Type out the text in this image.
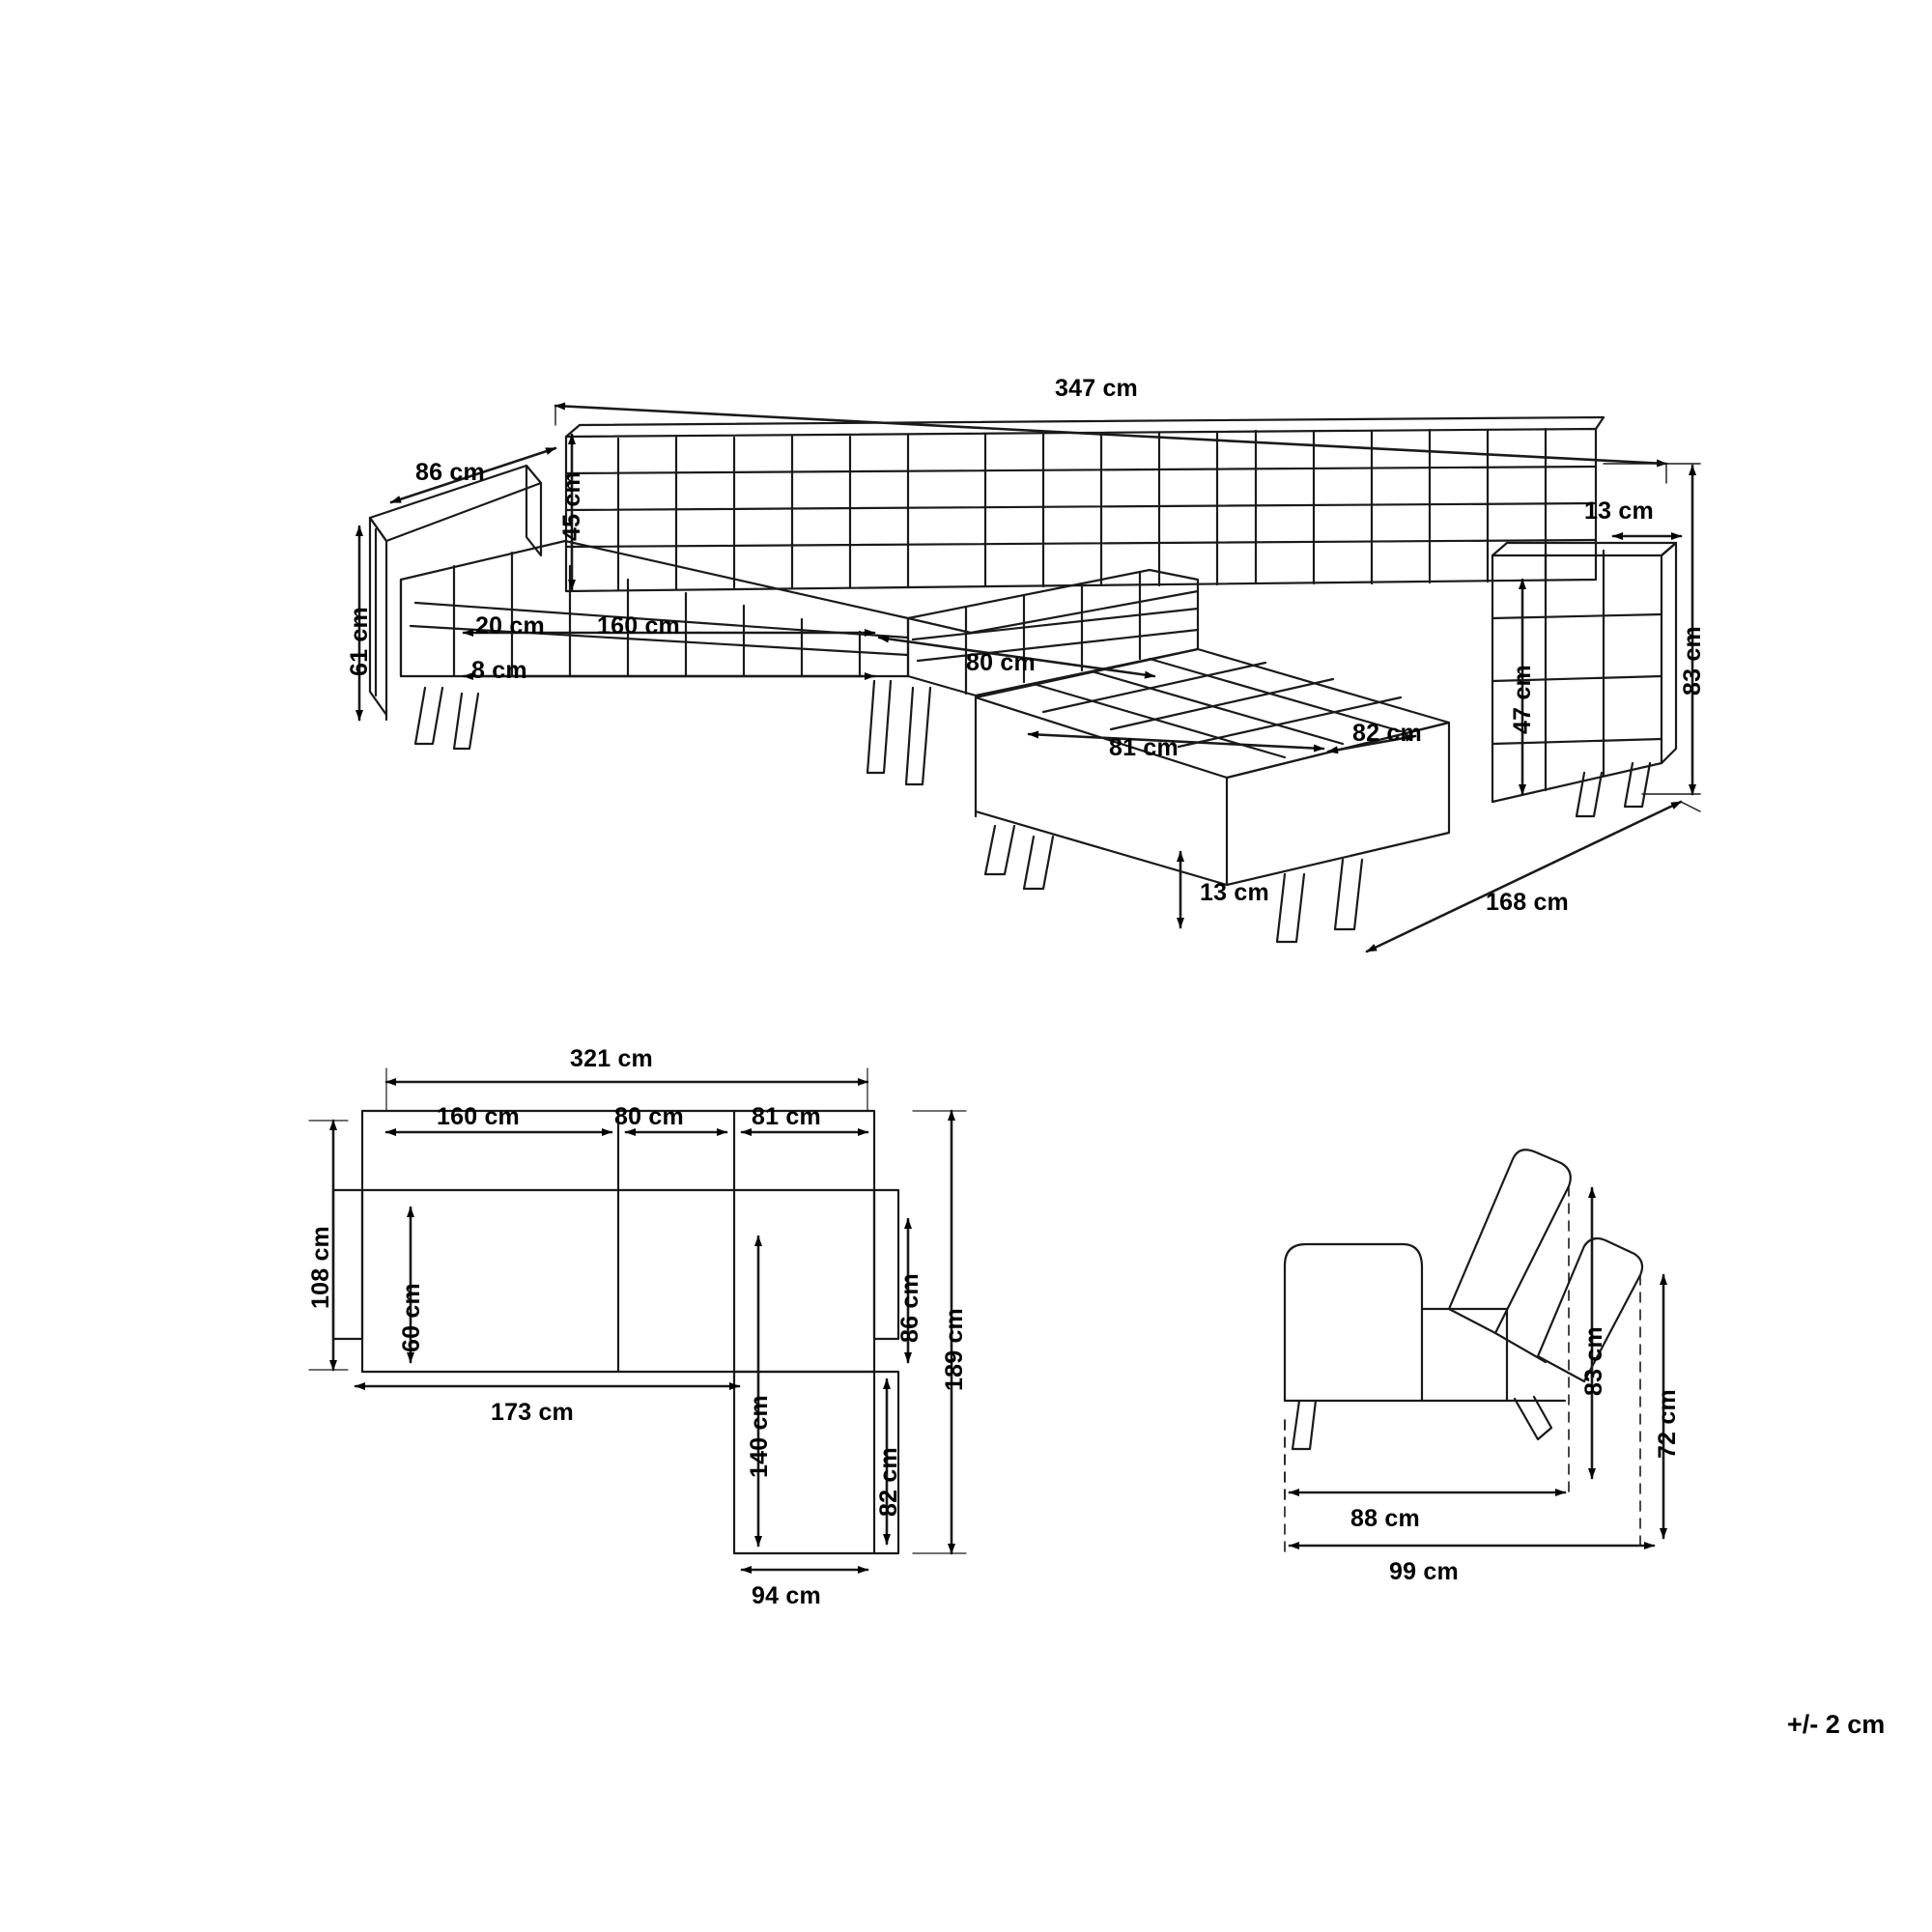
347 cm
86 cm	45 cm
61 cm	20 cm 160 cm
8 cm	80 cm
81 cm
82 cm
13 cm
83 cm
47 cm
13 cm	168 cm
321 cm
160 cm	80 cm	81 cm
108 cm
60 cm
173 cm	140 cm
94 cm
82 cm
86 cm 189 cm	83 cm
72 cm
88 cm
99 cm
+/- 2 cm
